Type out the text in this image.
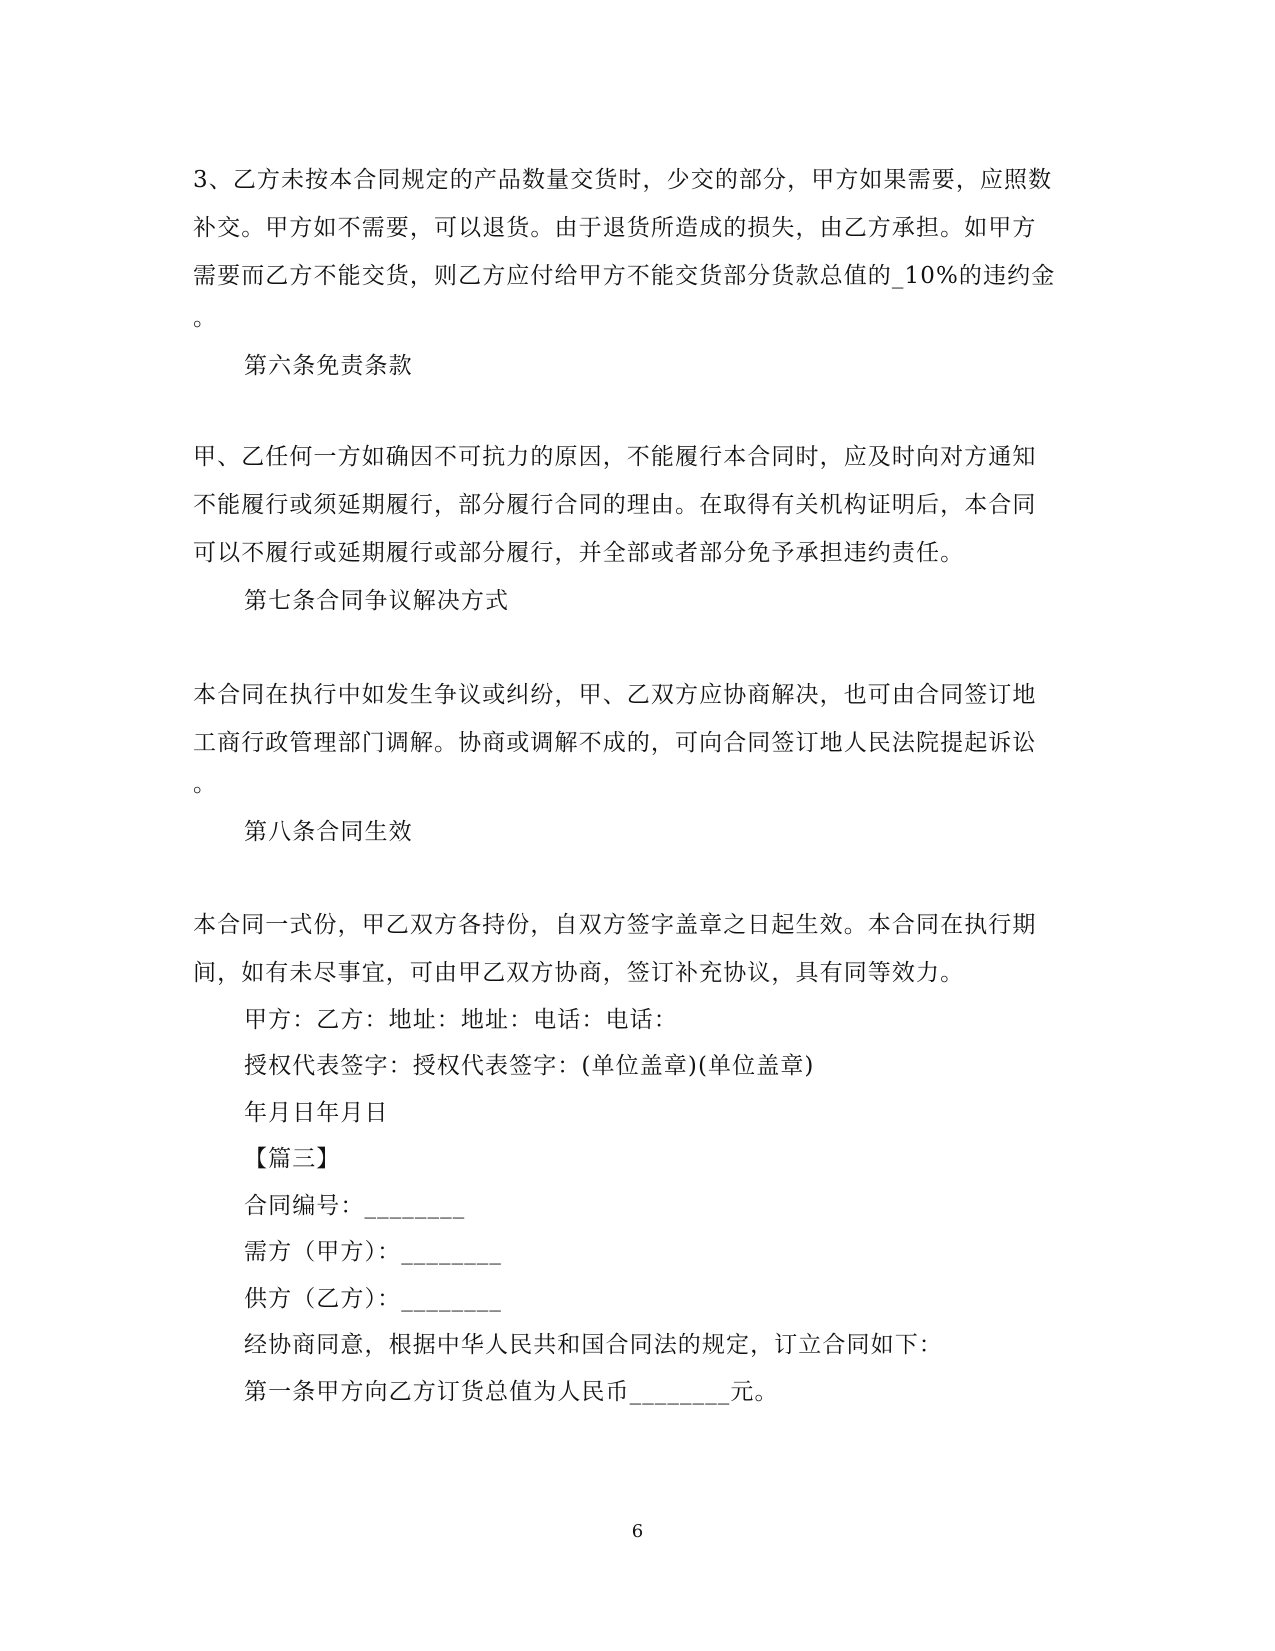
3、乙方未按本合同规定的产品数量交货时，少交的部分，甲方如果需要，应照数
补交。甲方如不需要，可以退货。由于退货所造成的损失，由乙方承担。如甲方
需要而乙方不能交货，则乙方应付给甲方不能交货部分货款总值的_10%的违约金
。
第六条免责条款
甲、乙任何一方如确因不可抗力的原因，不能履行本合同时，应及时向对方通知
不能履行或须延期履行，部分履行合同的理由。在取得有关机构证明后，本合同
可以不履行或延期履行或部分履行，并全部或者部分免予承担违约责任。
第七条合同争议解决方式
本合同在执行中如发生争议或纠纷，甲、乙双方应协商解决，也可由合同签订地
工商行政管理部门调解。协商或调解不成的，可向合同签订地人民法院提起诉讼
。
第八条合同生效
本合同一式份，甲乙双方各持份，自双方签字盖章之日起生效。本合同在执行期
间，如有未尽事宜，可由甲乙双方协商，签订补充协议，具有同等效力。
甲方：乙方：地址：地址：电话：电话：
授权代表签字：授权代表签字：(单位盖章)(单位盖章)
年月日年月日
【篇三】
合同编号：________
需方（甲方）：________
供方（乙方）：________
经协商同意，根据中华人民共和国合同法的规定，订立合同如下：
第一条甲方向乙方订货总值为人民币________元。
6
